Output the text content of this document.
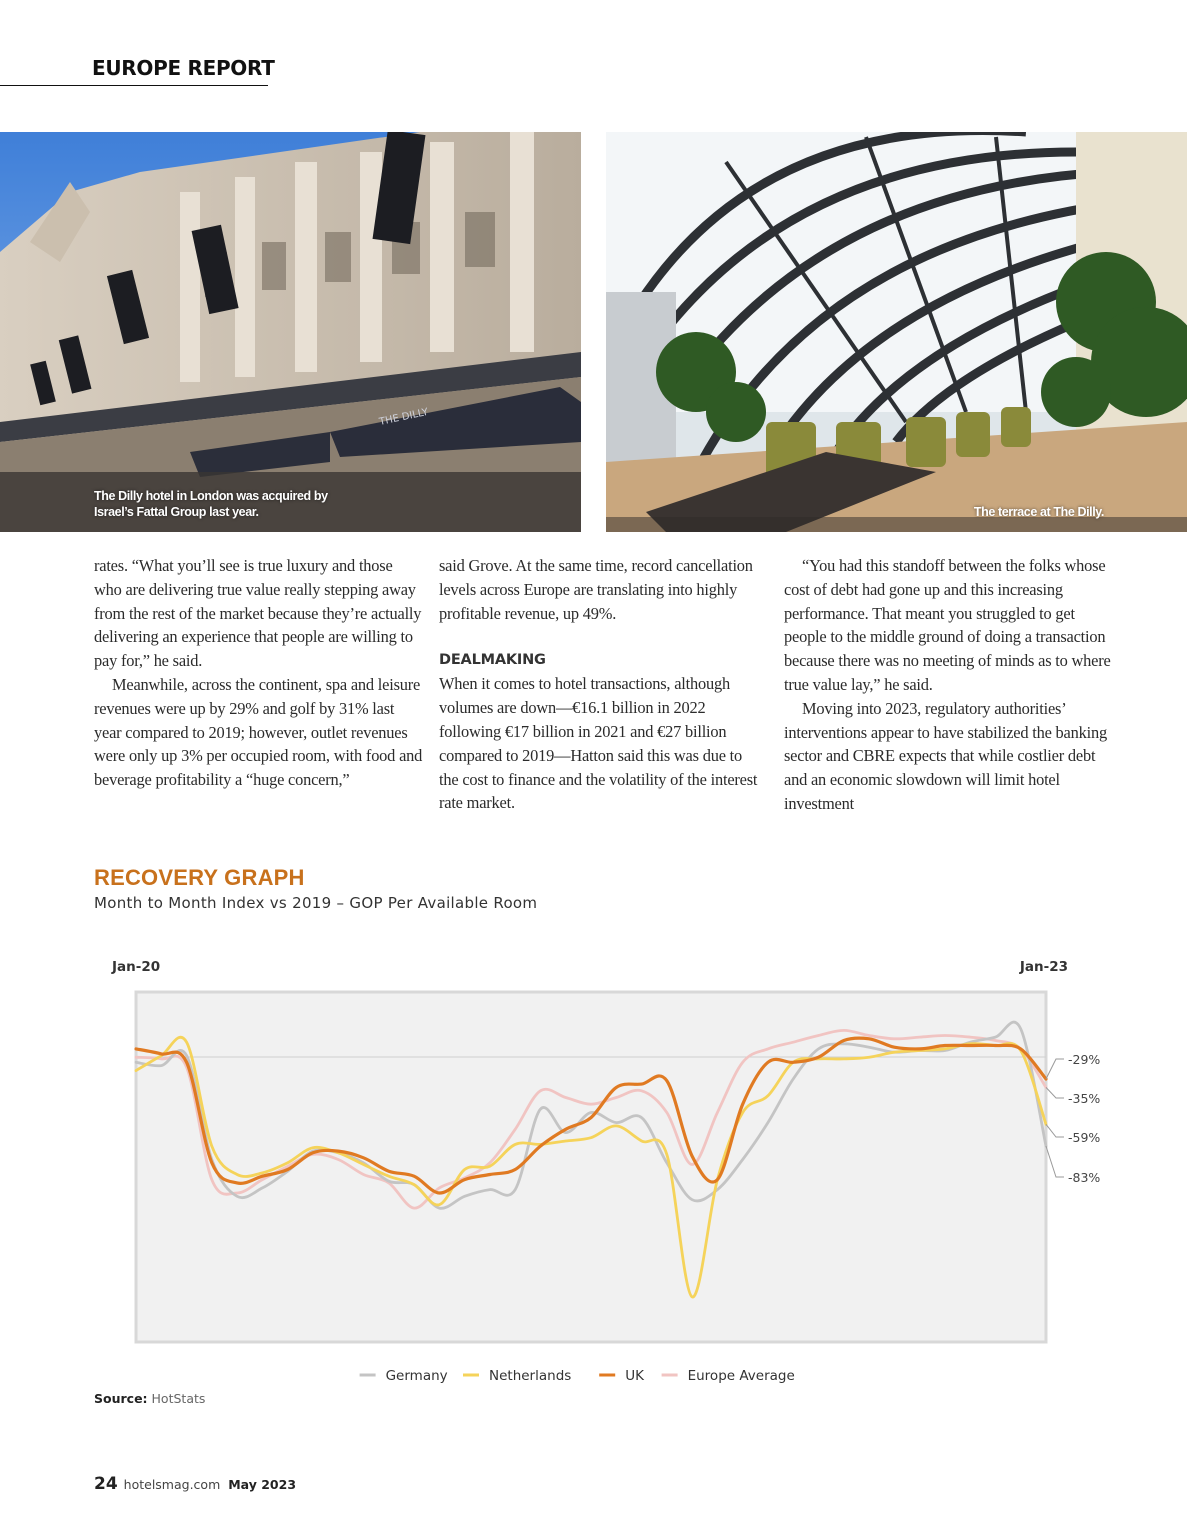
EUROPE REPORT
THE DILLY
The Dilly hotel in London was acquired by Israel’s Fattal Group last year.	The terrace at The Dilly.

rates. “What you’ll see is true luxury and those who are delivering true value really stepping away from the rest of the market because they’re actually delivering an experience that people are willing to pay for,” he said.

Meanwhile, across the continent, spa and leisure revenues were up by 29% and golf by 31% last year compared to 2019; however, outlet revenues were only up 3% per occupied room, with food and beverage profitability a “huge concern,”

said Grove. At the same time, record cancellation levels across Europe are translating into highly profitable revenue, up 49%.

DEALMAKING

When it comes to hotel transactions, although volumes are down—€16.1 billion in 2022 following €17 billion in 2021 and €27 billion compared to 2019—Hatton said this was due to the cost to finance and the volatility of the interest rate market.

“You had this standoff between the folks whose cost of debt had gone up and this increasing performance. That meant you struggled to get people to the middle ground of doing a transaction because there was no meeting of minds as to where true value lay,” he said.

Moving into 2023, regulatory authorities’ interventions appear to have stabilized the banking sector and CBRE expects that while costlier debt and an economic slowdown will limit hotel investment

RECOVERY GRAPH
Month to Month Index vs 2019 – GOP Per Available Room
Jan-20	Jan-23
-29%
-35%
-59%
-83%
Germany	Netherlands	UK	Europe Average
Source: HotStats
24 hotelsmag.com May 2023
